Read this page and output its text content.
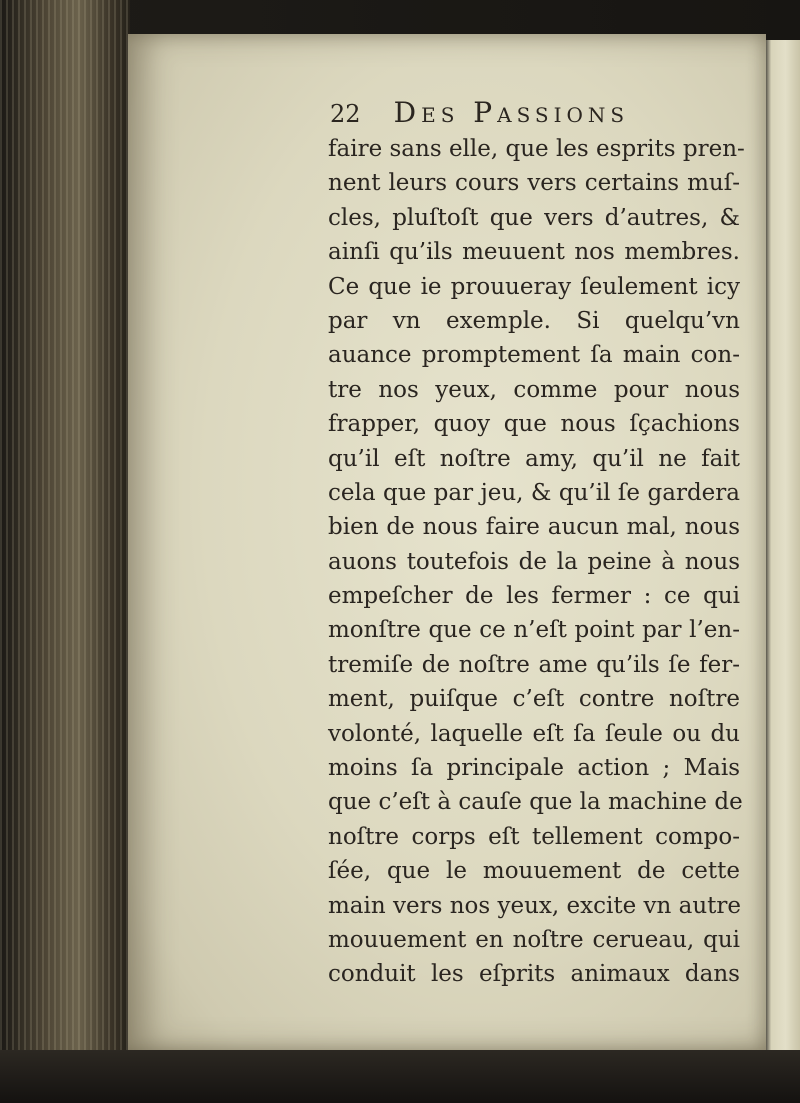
22 Des Passions
faire sans elle, que les esprits pren-
nent leurs cours vers certains muſ-
cles, pluſtoſt que vers d’autres, &
ainſi qu’ils meuuent nos membres.
Ce que ie prouueray ſeulement icy
par vn exemple. Si quelqu’vn
auance promptement ſa main con-
tre nos yeux, comme pour nous
frapper, quoy que nous ſçachions
qu’il eſt noſtre amy, qu’il ne fait
cela que par jeu, & qu’il ſe gardera
bien de nous faire aucun mal, nous
auons toutefois de la peine à nous
empeſcher de les fermer : ce qui
monſtre que ce n’eſt point par l’en-
tremiſe de noſtre ame qu’ils ſe fer-
ment, puiſque c’eſt contre noſtre
volonté, laquelle eſt ſa ſeule ou du
moins ſa principale action ; Mais
que c’eſt à cauſe que la machine de
noſtre corps eſt tellement compo-
ſée, que le mouuement de cette
main vers nos yeux, excite vn autre
mouuement en noſtre cerueau, qui
conduit les eſprits animaux dans
